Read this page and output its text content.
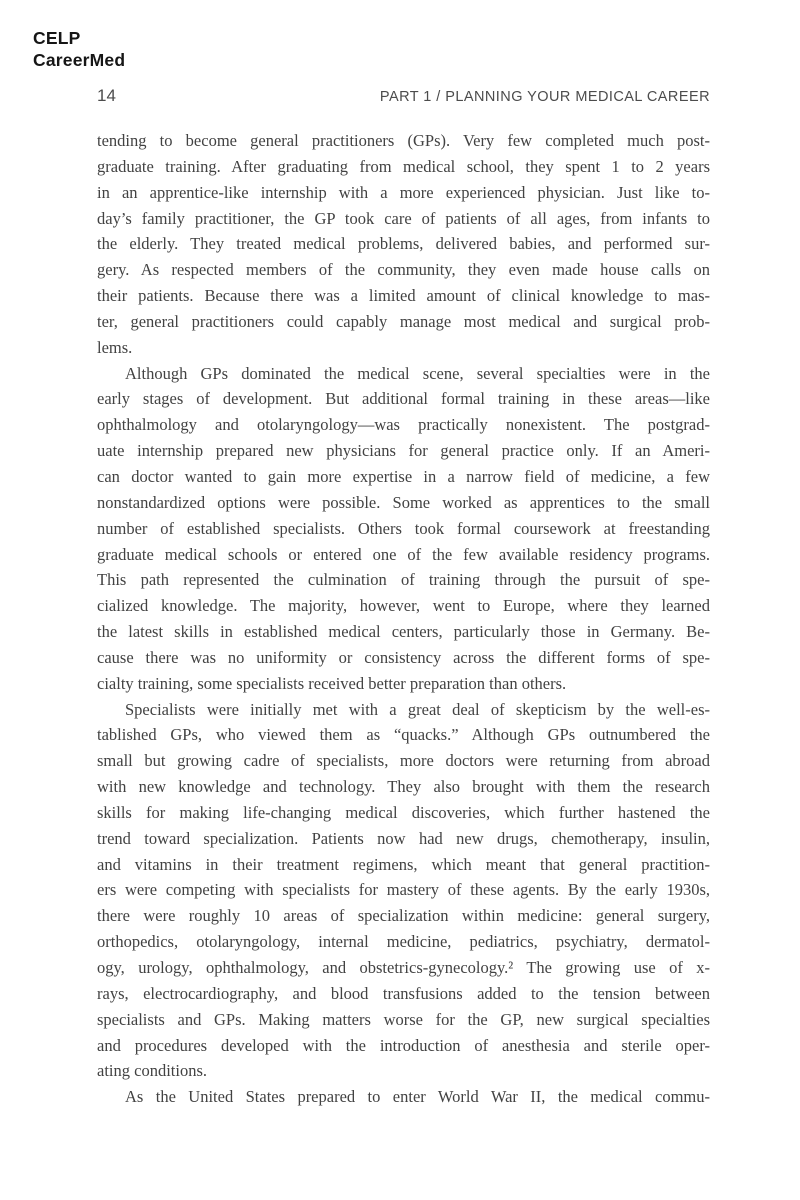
CELP
CareerMed
14	PART 1 / PLANNING YOUR MEDICAL CAREER
tending to become general practitioners (GPs). Very few completed much post-
graduate training. After graduating from medical school, they spent 1 to 2 years
in an apprentice-like internship with a more experienced physician. Just like to-
day’s family practitioner, the GP took care of patients of all ages, from infants to
the elderly. They treated medical problems, delivered babies, and performed sur-
gery. As respected members of the community, they even made house calls on
their patients. Because there was a limited amount of clinical knowledge to mas-
ter, general practitioners could capably manage most medical and surgical prob-
lems.
Although GPs dominated the medical scene, several specialties were in the
early stages of development. But additional formal training in these areas—like
ophthalmology and otolaryngology—was practically nonexistent. The postgrad-
uate internship prepared new physicians for general practice only. If an Ameri-
can doctor wanted to gain more expertise in a narrow field of medicine, a few
nonstandardized options were possible. Some worked as apprentices to the small
number of established specialists. Others took formal coursework at freestanding
graduate medical schools or entered one of the few available residency programs.
This path represented the culmination of training through the pursuit of spe-
cialized knowledge. The majority, however, went to Europe, where they learned
the latest skills in established medical centers, particularly those in Germany. Be-
cause there was no uniformity or consistency across the different forms of spe-
cialty training, some specialists received better preparation than others.
Specialists were initially met with a great deal of skepticism by the well-es-
tablished GPs, who viewed them as “quacks.” Although GPs outnumbered the
small but growing cadre of specialists, more doctors were returning from abroad
with new knowledge and technology. They also brought with them the research
skills for making life-changing medical discoveries, which further hastened the
trend toward specialization. Patients now had new drugs, chemotherapy, insulin,
and vitamins in their treatment regimens, which meant that general practition-
ers were competing with specialists for mastery of these agents. By the early 1930s,
there were roughly 10 areas of specialization within medicine: general surgery,
orthopedics, otolaryngology, internal medicine, pediatrics, psychiatry, dermatol-
ogy, urology, ophthalmology, and obstetrics-gynecology.² The growing use of x-
rays, electrocardiography, and blood transfusions added to the tension between
specialists and GPs. Making matters worse for the GP, new surgical specialties
and procedures developed with the introduction of anesthesia and sterile oper-
ating conditions.
As the United States prepared to enter World War II, the medical commu-
